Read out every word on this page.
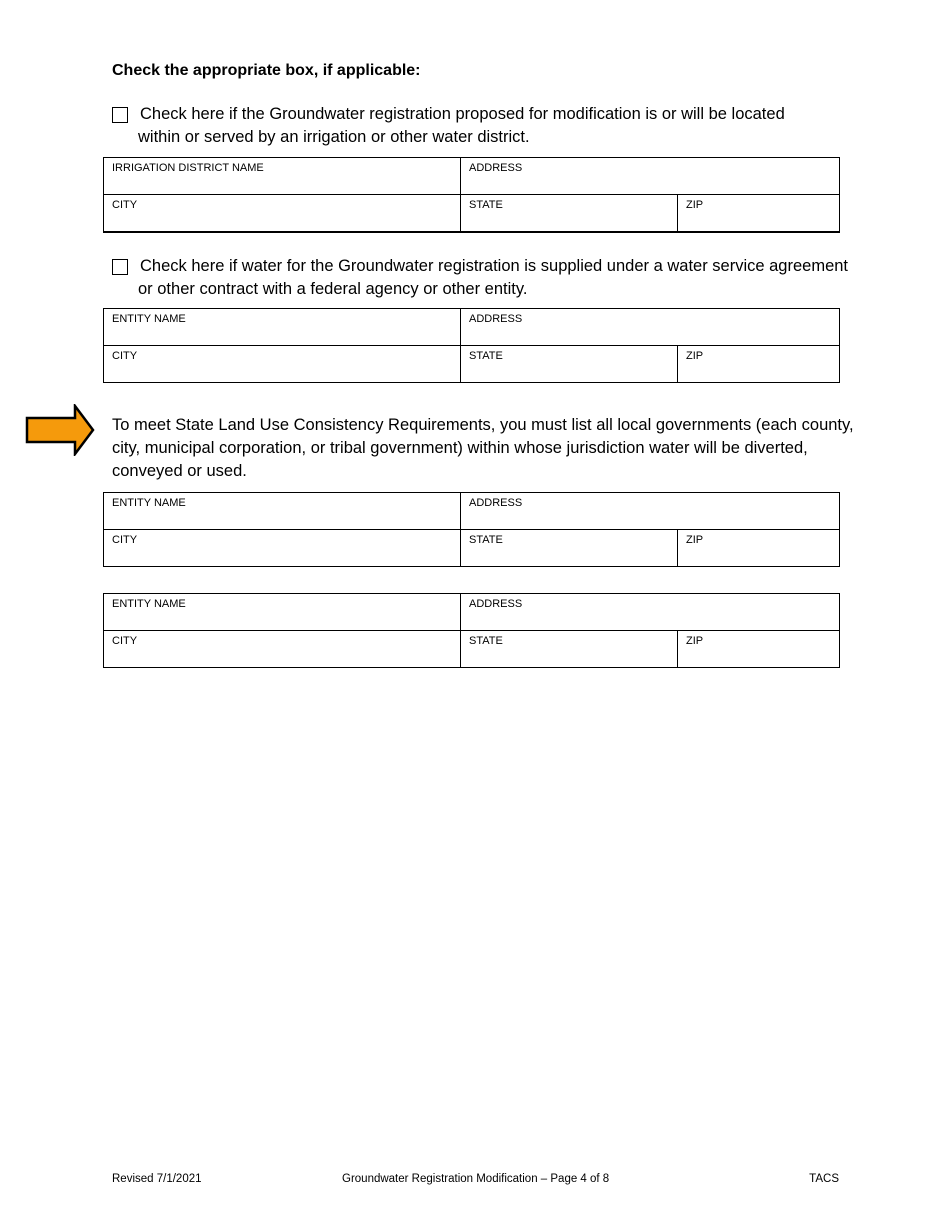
Check the appropriate box, if applicable:
Check here if the Groundwater registration proposed for modification is or will be located
within or served by an irrigation or other water district.
IRRIGATION DISTRICT NAME	ADDRESS	
CITY	STATE	ZIP
Check here if water for the Groundwater registration is supplied under a water service agreement
or other contract with a federal agency or other entity.
ENTITY NAME	ADDRESS	
CITY	STATE	ZIP
To meet State Land Use Consistency Requirements, you must list all local governments (each county, city, municipal corporation, or tribal government) within whose jurisdiction water will be diverted, conveyed or used.
ENTITY NAME	ADDRESS	
CITY	STATE	ZIP
ENTITY NAME	ADDRESS	
CITY	STATE	ZIP
Revised 7/1/2021	Groundwater Registration Modification – Page 4 of 8	TACS
